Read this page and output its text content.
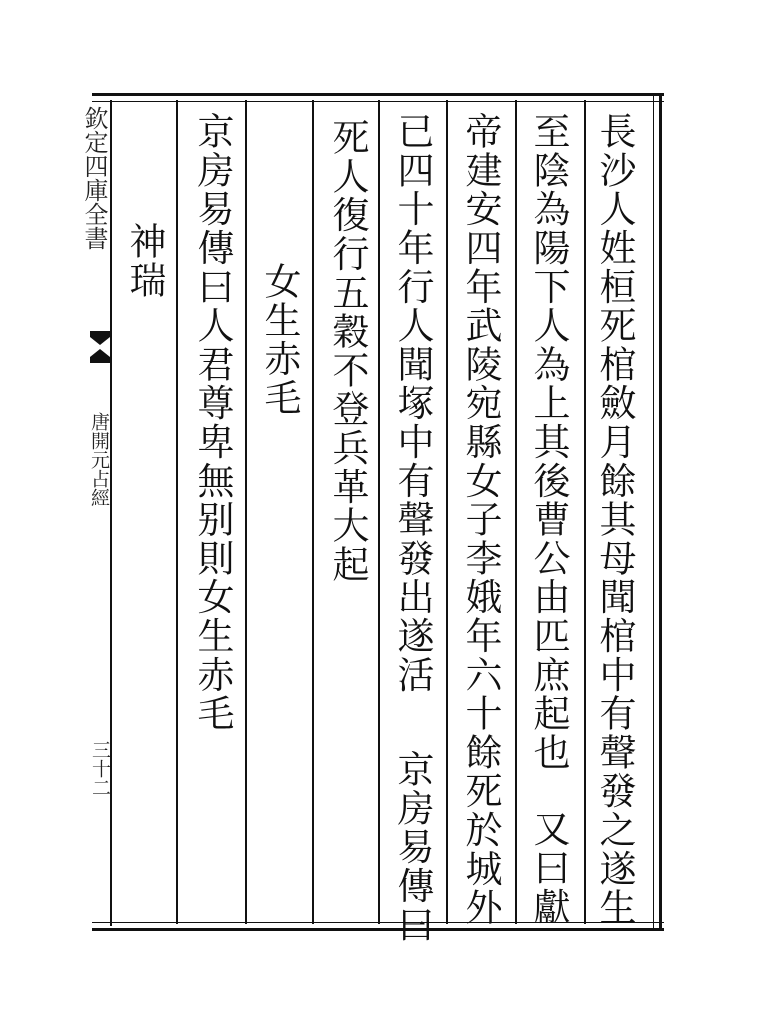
長沙人姓桓死棺斂月餘其母聞棺中有聲發之遂生
至陰為陽下人為上其後曹公由匹庶起也又曰獻
帝建安四年武陵宛縣女子李娥年六十餘死於城外
已四十年行人聞塚中有聲發出遂活京房易傳曰
死人復行五穀不登兵革大起
女生赤毛
京房易傳曰人君尊卑無别則女生赤毛
神瑞
欽定四庫全書
唐開元占經
三十二
